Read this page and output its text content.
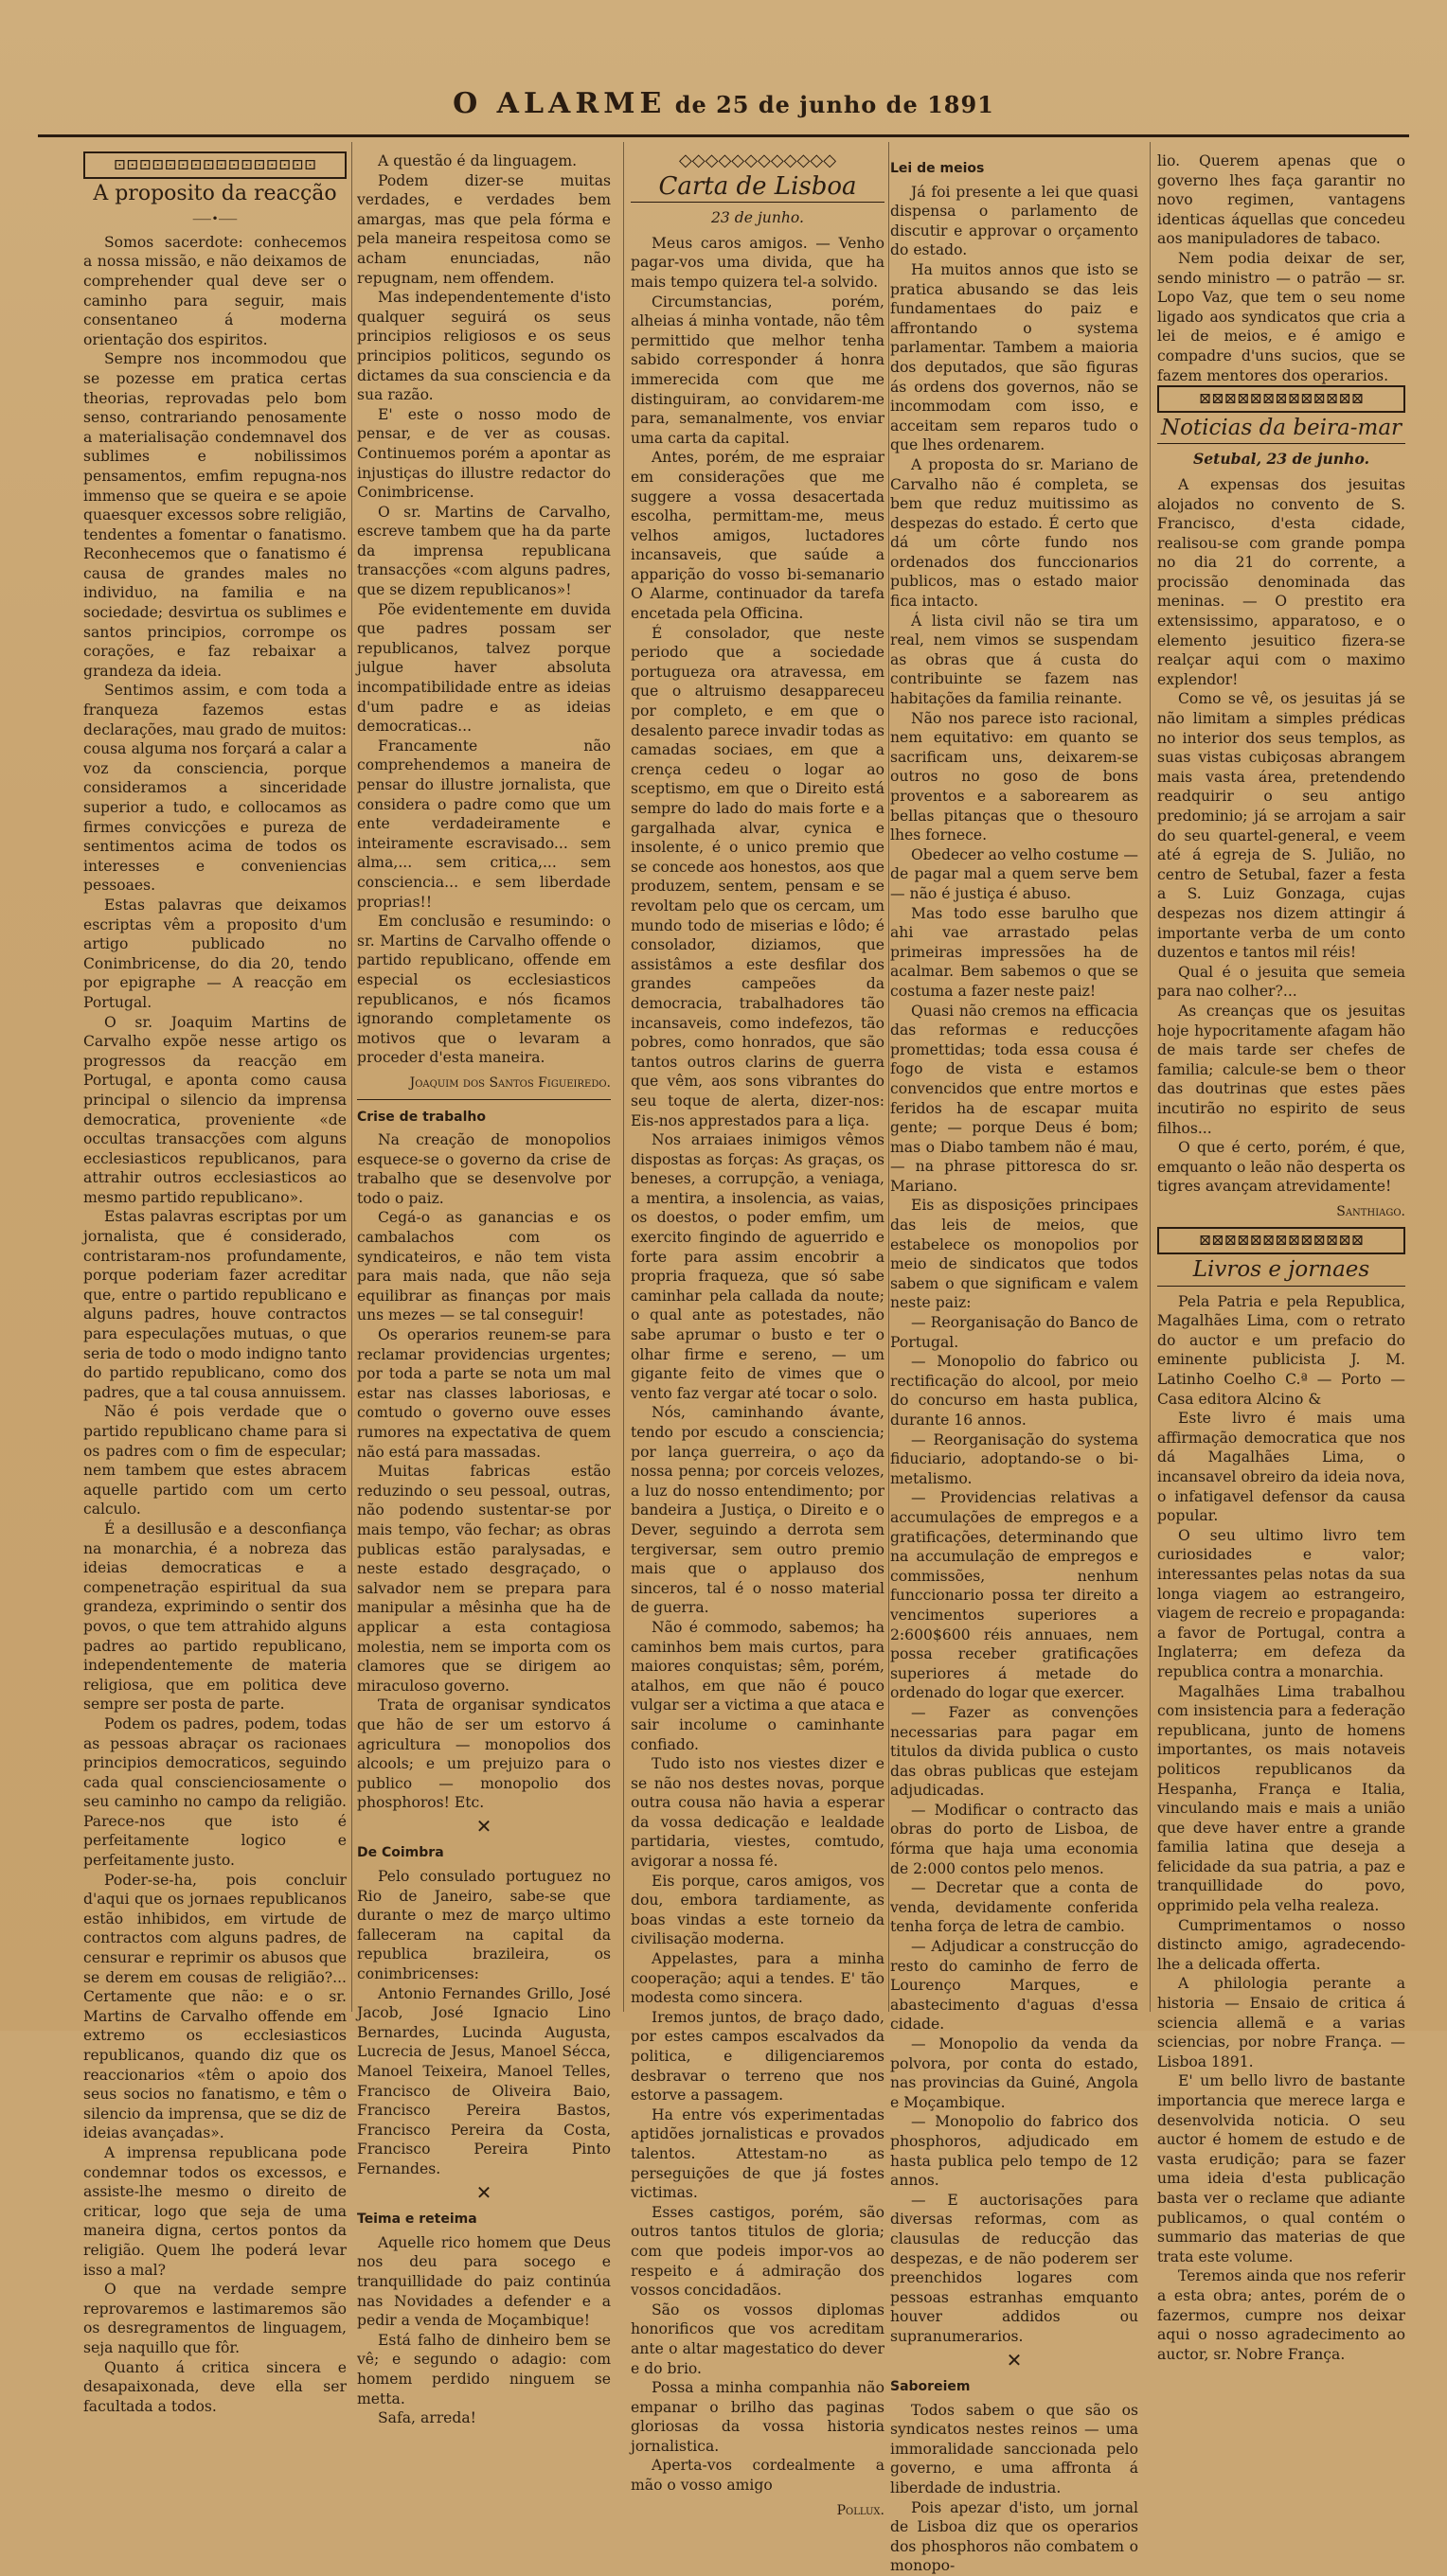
O ALARME de 25 de junho de 1891
⊡⊡⊡⊡⊡⊡⊡⊡⊡⊡⊡⊡⊡⊡⊡⊡
A proposito da reacção
⸺•⸺

Somos sacerdote: conhecemos a nossa missão, e não deixamos de comprehender qual deve ser o caminho para seguir, mais consentaneo á moderna orientação dos espiritos.

Sempre nos incommodou que se pozesse em pratica certas theorias, reprovadas pelo bom senso, contrariando penosamente a materialisação condemnavel dos sublimes e nobilissimos pensamentos, emfim repugna-nos immenso que se queira e se apoie quaesquer excessos sobre religião, tendentes a fomentar o fanatismo. Reconhecemos que o fanatismo é causa de grandes males no individuo, na familia e na sociedade; desvirtua os sublimes e santos principios, corrompe os corações, e faz rebaixar a grandeza da ideia.

Sentimos assim, e com toda a franqueza fazemos estas declarações, mau grado de muitos: cousa alguma nos forçará a calar a voz da consciencia, porque consideramos a sinceridade superior a tudo, e collocamos as firmes convicções e pureza de sentimentos acima de todos os interesses e conveniencias pessoaes.

Estas palavras que deixamos escriptas vêm a proposito d'um artigo publicado no Conimbricense, do dia 20, tendo por epigraphe — A reacção em Portugal.

O sr. Joaquim Martins de Carvalho expõe nesse artigo os progressos da reacção em Portugal, e aponta como causa principal o silencio da imprensa democratica, proveniente «de occultas transacções com alguns ecclesiasticos republicanos, para attrahir outros ecclesiasticos ao mesmo partido republicano».

Estas palavras escriptas por um jornalista, que é considerado, contristaram-nos profundamente, porque poderiam fazer acreditar que, entre o partido republicano e alguns padres, houve contractos para especulações mutuas, o que seria de todo o modo indigno tanto do partido republicano, como dos padres, que a tal cousa annuissem.

Não é pois verdade que o partido republicano chame para si os padres com o fim de especular; nem tambem que estes abracem aquelle partido com um certo calculo.

É a desillusão e a desconfiança na monarchia, é a nobreza das ideias democraticas e a compenetração espiritual da sua grandeza, exprimindo o sentir dos povos, o que tem attrahido alguns padres ao partido republicano, independentemente de materia religiosa, que em politica deve sempre ser posta de parte.

Podem os padres, podem, todas as pessoas abraçar os racionaes principios democraticos, seguindo cada qual conscienciosamente o seu caminho no campo da religião. Parece-nos que isto é perfeitamente logico e perfeitamente justo.

Poder-se-ha, pois concluir d'aqui que os jornaes republicanos estão inhibidos, em virtude de contractos com alguns padres, de censurar e reprimir os abusos que se derem em cousas de religião?... Certamente que não: e o sr. Martins de Carvalho offende em extremo os ecclesiasticos republicanos, quando diz que os reaccionarios «têm o apoio dos seus socios no fanatismo, e têm o silencio da imprensa, que se diz de ideias avançadas».

A imprensa republicana pode condemnar todos os excessos, e assiste-lhe mesmo o direito de criticar, logo que seja de uma maneira digna, certos pontos da religião. Quem lhe poderá levar isso a mal?

O que na verdade sempre reprovaremos e lastimaremos são os desregramentos de linguagem, seja naquillo que fôr.

Quanto á critica sincera e desapaixonada, deve ella ser facultada a todos.

A questão é da linguagem.

Podem dizer-se muitas verdades, e verdades bem amargas, mas que pela fórma e pela maneira respeitosa como se acham enunciadas, não repugnam, nem offendem.

Mas independentemente d'isto qualquer seguirá os seus principios religiosos e os seus principios politicos, segundo os dictames da sua consciencia e da sua razão.

E' este o nosso modo de pensar, e de ver as cousas. Continuemos porém a apontar as injustiças do illustre redactor do Conimbricense.

O sr. Martins de Carvalho, escreve tambem que ha da parte da imprensa republicana transacções «com alguns padres, que se dizem republicanos»!

Põe evidentemente em duvida que padres possam ser republicanos, talvez porque julgue haver absoluta incompatibilidade entre as ideias d'um padre e as ideias democraticas...

Francamente não comprehendemos a maneira de pensar do illustre jornalista, que considera o padre como que um ente verdadeiramente e inteiramente escravisado... sem alma,... sem critica,... sem consciencia... e sem liberdade proprias!!

Em conclusão e resumindo: o sr. Martins de Carvalho offende o partido republicano, offende em especial os ecclesiasticos republicanos, e nós ficamos ignorando completamente os motivos que o levaram a proceder d'esta maneira.

Joaquim dos Santos Figueiredo.
Crise de trabalho

Na creação de monopolios esquece-se o governo da crise de trabalho que se desenvolve por todo o paiz.

Cegá-o as ganancias e os cambalachos com os syndicateiros, e não tem vista para mais nada, que não seja equilibrar as finanças por mais uns mezes — se tal conseguir!

Os operarios reunem-se para reclamar providencias urgentes; por toda a parte se nota um mal estar nas classes laboriosas, e comtudo o governo ouve esses rumores na expectativa de quem não está para massadas.

Muitas fabricas estão reduzindo o seu pessoal, outras, não podendo sustentar-se por mais tempo, vão fechar; as obras publicas estão paralysadas, e neste estado desgraçado, o salvador nem se prepara para manipular a mêsinha que ha de applicar a esta contagiosa molestia, nem se importa com os clamores que se dirigem ao miraculoso governo.

Trata de organisar syndicatos que hão de ser um estorvo á agricultura — monopolios dos alcools; e um prejuizo para o publico — monopolio dos phosphoros! Etc.

✕
De Coimbra

Pelo consulado portuguez no Rio de Janeiro, sabe-se que durante o mez de março ultimo falleceram na capital da republica brazileira, os conimbricenses:

Antonio Fernandes Grillo, José Jacob, José Ignacio Lino Bernardes, Lucinda Augusta, Lucrecia de Jesus, Manoel Sécca, Manoel Teixeira, Manoel Telles, Francisco de Oliveira Baio, Francisco Pereira Bastos, Francisco Pereira da Costa, Francisco Pereira Pinto Fernandes.

✕
Teima e reteima

Aquelle rico homem que Deus nos deu para socego e tranquillidade do paiz continúa nas Novidades a defender e a pedir a venda de Moçambique!

Está falho de dinheiro bem se vê; e segundo o adagio: com homem perdido ninguem se metta.

Safa, arreda!

◇◇◇◇◇◇◇◇◇◇◇◇
Carta de Lisboa
23 de junho.

Meus caros amigos. — Venho pagar-vos uma divida, que ha mais tempo quizera tel-a solvido.

Circumstancias, porém, alheias á minha vontade, não têm permittido que melhor tenha sabido corresponder á honra immerecida com que me distinguiram, ao convidarem-me para, semanalmente, vos enviar uma carta da capital.

Antes, porém, de me espraiar em considerações que me suggere a vossa desacertada escolha, permittam-me, meus velhos amigos, luctadores incansaveis, que saúde a apparição do vosso bi-semanario O Alarme, continuador da tarefa encetada pela Officina.

É consolador, que neste periodo que a sociedade portugueza ora atravessa, em que o altruismo desappareceu por completo, e em que o desalento parece invadir todas as camadas sociaes, em que a crença cedeu o logar ao sceptismo, em que o Direito está sempre do lado do mais forte e a gargalhada alvar, cynica e insolente, é o unico premio que se concede aos honestos, aos que produzem, sentem, pensam e se revoltam pelo que os cercam, um mundo todo de miserias e lôdo; é consolador, diziamos, que assistâmos a este desfilar dos grandes campeões da democracia, trabalhadores tão incansaveis, como indefezos, tão pobres, como honrados, que são tantos outros clarins de guerra que vêm, aos sons vibrantes do seu toque de alerta, dizer-nos: Eis-nos apprestados para a liça.

Nos arraiaes inimigos vêmos dispostas as forças: As graças, os beneses, a corrupção, a veniaga, a mentira, a insolencia, as vaias, os doestos, o poder emfim, um exercito fingindo de aguerrido e forte para assim encobrir a propria fraqueza, que só sabe caminhar pela callada da noute; o qual ante as potestades, não sabe aprumar o busto e ter o olhar firme e sereno, — um gigante feito de vimes que o vento faz vergar até tocar o solo.

Nós, caminhando ávante, tendo por escudo a consciencia; por lança guerreira, o aço da nossa penna; por corceis velozes, a luz do nosso entendimento; por bandeira a Justiça, o Direito e o Dever, seguindo a derrota sem tergiversar, sem outro premio mais que o applauso dos sinceros, tal é o nosso material de guerra.

Não é commodo, sabemos; ha caminhos bem mais curtos, para maiores conquistas; sêm, porém, atalhos, em que não é pouco vulgar ser a victima a que ataca e sair incolume o caminhante confiado.

Tudo isto nos viestes dizer e se não nos destes novas, porque outra cousa não havia a esperar da vossa dedicação e lealdade partidaria, viestes, comtudo, avigorar a nossa fé.

Eis porque, caros amigos, vos dou, embora tardiamente, as boas vindas a este torneio da civilisação moderna.

Appelastes, para a minha cooperação; aqui a tendes. E' tão modesta como sincera.

Iremos juntos, de braço dado, por estes campos escalvados da politica, e diligenciaremos desbravar o terreno que nos estorve a passagem.

Ha entre vós experimentadas aptidões jornalisticas e provados talentos. Attestam-no as perseguições de que já fostes victimas.

Esses castigos, porém, são outros tantos titulos de gloria; com que podeis impor-vos ao respeito e á admiração dos vossos concidadãos.

São os vossos diplomas honorificos que vos acreditam ante o altar magestatico do dever e do brio.

Possa a minha companhia não empanar o brilho das paginas gloriosas da vossa historia jornalistica.

Aperta-vos cordealmente a mão o vosso amigo

Pollux.
Lei de meios

Já foi presente a lei que quasi dispensa o parlamento de discutir e approvar o orçamento do estado.

Ha muitos annos que isto se pratica abusando se das leis fundamentaes do paiz e affrontando o systema parlamentar. Tambem a maioria dos deputados, que são figuras ás ordens dos governos, não se incommodam com isso, e acceitam sem reparos tudo o que lhes ordenarem.

A proposta do sr. Mariano de Carvalho não é completa, se bem que reduz muitissimo as despezas do estado. É certo que dá um côrte fundo nos ordenados dos funccionarios publicos, mas o estado maior fica intacto.

Á lista civil não se tira um real, nem vimos se suspendam as obras que á custa do contribuinte se fazem nas habitações da familia reinante.

Não nos parece isto racional, nem equitativo: em quanto se sacrificam uns, deixarem-se outros no goso de bons proventos e a saborearem as bellas pitanças que o thesouro lhes fornece.

Obedecer ao velho costume — de pagar mal a quem serve bem — não é justiça é abuso.

Mas todo esse barulho que ahi vae arrastado pelas primeiras impressões ha de acalmar. Bem sabemos o que se costuma a fazer neste paiz!

Quasi não cremos na efficacia das reformas e reducções promettidas; toda essa cousa é fogo de vista e estamos convencidos que entre mortos e feridos ha de escapar muita gente; — porque Deus é bom; mas o Diabo tambem não é mau, — na phrase pittoresca do sr. Mariano.

Eis as disposições principaes das leis de meios, que estabelece os monopolios por meio de sindicatos que todos sabem o que significam e valem neste paiz:

— Reorganisação do Banco de Portugal.

— Monopolio do fabrico ou rectificação do alcool, por meio do concurso em hasta publica, durante 16 annos.

— Reorganisação do systema fiduciario, adoptando-se o bi-metalismo.

— Providencias relativas a accumulações de empregos e a gratificações, determinando que na accumulação de empregos e commissões, nenhum funccionario possa ter direito a vencimentos superiores a 2:600$600 réis annuaes, nem possa receber gratificações superiores á metade do ordenado do logar que exercer.

— Fazer as convenções necessarias para pagar em titulos da divida publica o custo das obras publicas que estejam adjudicadas.

— Modificar o contracto das obras do porto de Lisboa, de fórma que haja uma economia de 2:000 contos pelo menos.

— Decretar que a conta de venda, devidamente conferida tenha força de letra de cambio.

— Adjudicar a construcção do resto do caminho de ferro de Lourenço Marques, e abastecimento d'aguas d'essa cidade.

— Monopolio da venda da polvora, por conta do estado, nas provincias da Guiné, Angola e Moçambique.

— Monopolio do fabrico dos phosphoros, adjudicado em hasta publica pelo tempo de 12 annos.

— E auctorisações para diversas reformas, com as clausulas de reducção das despezas, e de não poderem ser preenchidos logares com pessoas estranhas emquanto houver addidos ou supranumerarios.

✕
Saboreiem

Todos sabem o que são os syndicatos nestes reinos — uma immoralidade sanccionada pelo governo, e uma affronta á liberdade de industria.

Pois apezar d'isto, um jornal de Lisboa diz que os operarios dos phosphoros não combatem o monopo-

lio. Querem apenas que o governo lhes faça garantir no novo regimen, vantagens identicas áquellas que concedeu aos manipuladores de tabaco.

Nem podia deixar de ser, sendo ministro — o patrão — sr. Lopo Vaz, que tem o seu nome ligado aos syndicatos que cria a lei de meios, e é amigo e compadre d'uns sucios, que se fazem mentores dos operarios.

⊠⊠⊠⊠⊠⊠⊠⊠⊠⊠⊠⊠⊠
Noticias da beira-mar
Setubal, 23 de junho.

A expensas dos jesuitas alojados no convento de S. Francisco, d'esta cidade, realisou-se com grande pompa no dia 21 do corrente, a procissão denominada das meninas. — O prestito era extensissimo, apparatoso, e o elemento jesuitico fizera-se realçar aqui com o maximo explendor!

Como se vê, os jesuitas já se não limitam a simples prédicas no interior dos seus templos, as suas vistas cubiçosas abrangem mais vasta área, pretendendo readquirir o seu antigo predominio; já se arrojam a sair do seu quartel-general, e veem até á egreja de S. Julião, no centro de Setubal, fazer a festa a S. Luiz Gonzaga, cujas despezas nos dizem attingir á importante verba de um conto duzentos e tantos mil réis!

Qual é o jesuita que semeia para nao colher?...

As creanças que os jesuitas hoje hypocritamente afagam hão de mais tarde ser chefes de familia; calcule-se bem o theor das doutrinas que estes pães incutirão no espirito de seus filhos...

O que é certo, porém, é que, emquanto o leão não desperta os tigres avançam atrevidamente!

Santhiago.
⊠⊠⊠⊠⊠⊠⊠⊠⊠⊠⊠⊠⊠
Livros e jornaes

Pela Patria e pela Republica, Magalhães Lima, com o retrato do auctor e um prefacio do eminente publicista J. M. Latinho Coelho C.ª — Porto — Casa editora Alcino &

Este livro é mais uma affirmação democratica que nos dá Magalhães Lima, o incansavel obreiro da ideia nova, o infatigavel defensor da causa popular.

O seu ultimo livro tem curiosidades e valor; interessantes pelas notas da sua longa viagem ao estrangeiro, viagem de recreio e propaganda: a favor de Portugal, contra a Inglaterra; em defeza da republica contra a monarchia.

Magalhães Lima trabalhou com insistencia para a federação republicana, junto de homens importantes, os mais notaveis politicos republicanos da Hespanha, França e Italia, vinculando mais e mais a união que deve haver entre a grande familia latina que deseja a felicidade da sua patria, a paz e tranquillidade do povo, opprimido pela velha realeza.

Cumprimentamos o nosso distincto amigo, agradecendo-lhe a delicada offerta.

A philologia perante a historia — Ensaio de critica á sciencia allemã e a varias sciencias, por nobre França. — Lisboa 1891.

E' um bello livro de bastante importancia que merece larga e desenvolvida noticia. O seu auctor é homem de estudo e de vasta erudição; para se fazer uma ideia d'esta publicação basta ver o reclame que adiante publicamos, o qual contém o summario das materias de que trata este volume.

Teremos ainda que nos referir a esta obra; antes, porém de o fazermos, cumpre nos deixar aqui o nosso agradecimento ao auctor, sr. Nobre França.
